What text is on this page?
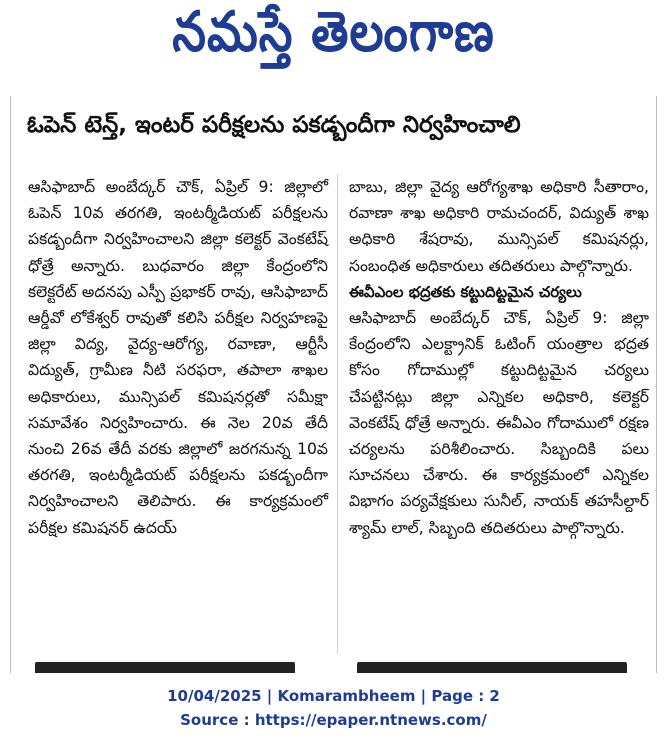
నమస్తే తెలంగాణ
ఓపెన్ టెన్త్, ఇంటర్ పరీక్షలను పకడ్బందీగా నిర్వహించాలి

ఆసిఫాబాద్ అంబేద్కర్ చౌక్, ఏప్రిల్ 9: జిల్లాలో ఓపెన్ 10వ తరగతి, ఇంటర్మీడియట్ పరీక్షలను పకడ్బందీగా నిర్వహించాలని జిల్లా కలెక్టర్ వెంకటేష్ ధోత్రే అన్నారు. బుధవారం జిల్లా కేంద్రంలోని కలెక్టరేట్ అదనపు ఎస్పీ ప్రభాకర్ రావు, ఆసిఫాబాద్ ఆర్డీవో లోకేశ్వర్ రావుతో కలిసి పరీక్షల నిర్వహణపై జిల్లా విద్య, వైద్య-ఆరోగ్య, రవాణా, ఆర్టీసీ విద్యుత్, గ్రామీణ నీటి సరఫరా, తపాలా శాఖల అధికారులు, మున్సిపల్ కమిషనర్లతో సమీక్షా సమావేశం నిర్వహించారు. ఈ నెల 20వ తేదీ నుంచి 26వ తేదీ వరకు జిల్లాలో జరగనున్న 10వ తరగతి, ఇంటర్మీడియట్ పరీక్షలను పకడ్బందీగా నిర్వహించాలని తెలిపారు. ఈ కార్యక్రమంలో పరీక్షల కమిషనర్ ఉదయ్

బాబు, జిల్లా వైద్య ఆరోగ్యశాఖ అధికారి సీతారాం, రవాణా శాఖ అధికారి రామచందర్, విద్యుత్ శాఖ అధికారి శేషరావు, మున్సిపల్ కమిషనర్లు, సంబంధిత అధికారులు తదితరులు పాల్గొన్నారు.

ఈవీఎంల భద్రతకు కట్టుదిట్టమైన చర్యలు

ఆసిఫాబాద్ అంబేద్కర్ చౌక్, ఏప్రిల్ 9: జిల్లా కేంద్రంలోని ఎలక్ట్రానిక్ ఓటింగ్ యంత్రాల భద్రత కోసం గోదాముల్లో కట్టుదిట్టమైన చర్యలు చేపట్టినట్లు జిల్లా ఎన్నికల అధికారి, కలెక్టర్ వెంకటేష్ ధోత్రే అన్నారు. ఈవీఎం గోదాములో రక్షణ చర్యలను పరిశీలించారు. సిబ్బందికి పలు సూచనలు చేశారు. ఈ కార్యక్రమంలో ఎన్నికల విభాగం పర్యవేక్షకులు సునీల్, నాయక్ తహసీల్దార్ శ్యామ్ లాల్, సిబ్బంది తదితరులు పాల్గొన్నారు.

10/04/2025 | Komarambheem | Page : 2
Source : https://epaper.ntnews.com/
